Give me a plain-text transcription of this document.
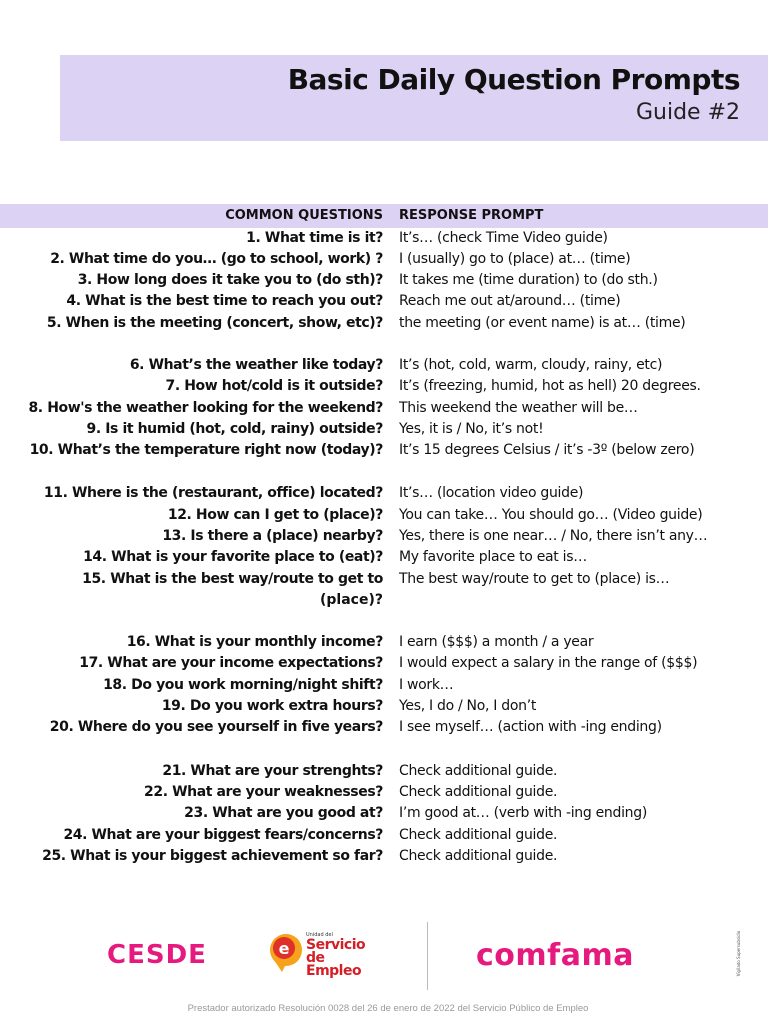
Basic Daily Question Prompts
Guide #2
COMMON QUESTIONS RESPONSE PROMPT
1. What time is it? It’s… (check Time Video guide)
2. What time do you… (go to school, work) ? I (usually) go to (place) at… (time)
3. How long does it take you to (do sth)? It takes me (time duration) to (do sth.)
4. What is the best time to reach you out? Reach me out at/around… (time)
5. When is the meeting (concert, show, etc)? the meeting (or event name) is at… (time)
6. What’s the weather like today? It’s (hot, cold, warm, cloudy, rainy, etc)
7. How hot/cold is it outside? It’s (freezing, humid, hot as hell) 20 degrees.
8. How's the weather looking for the weekend? This weekend the weather will be…
9. Is it humid (hot, cold, rainy) outside? Yes, it is / No, it’s not!
10. What’s the temperature right now (today)? It’s 15 degrees Celsius / it’s -3º (below zero)
11. Where is the (restaurant, office) located? It’s… (location video guide)
12. How can I get to (place)? You can take… You should go… (Video guide)
13. Is there a (place) nearby? Yes, there is one near… / No, there isn’t any…
14. What is your favorite place to (eat)? My favorite place to eat is…
15. What is the best way/route to get to The best way/route to get to (place) is…
(place)?
16. What is your monthly income? I earn ($$$) a month / a year
17. What are your income expectations? I would expect a salary in the range of ($$$)
18. Do you work morning/night shift? I work…
19. Do you work extra hours? Yes, I do / No, I don’t
20. Where do you see yourself in five years? I see myself… (action with -ing ending)
21. What are your strenghts? Check additional guide.
22. What are your weaknesses? Check additional guide.
23. What are you good at? I’m good at… (verb with -ing ending)
24. What are your biggest fears/concerns? Check additional guide.
25. What is your biggest achievement so far? Check additional guide.
CESDE	e
Unidad del
Servicio
de Empleo	comfama	Vigilado Supersubsidio
Prestador autorizado Resolución 0028 del 26 de enero de 2022 del Servicio Público de Empleo
